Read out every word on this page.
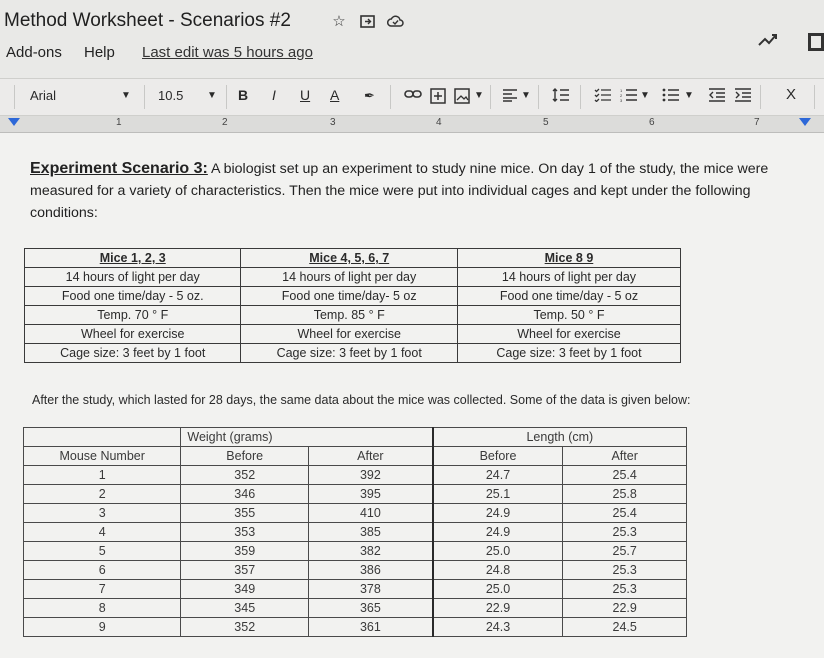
Method Worksheet - Scenarios #2	☆
Add-ons Help Last edit was 5 hours ago
Arial	▼ 10.5 ▼ B I U A ✒	▼	▼	1
2
3 ▼	▼	X
1	2	3	4	5	6	7
Experiment Scenario 3: A biologist set up an experiment to study nine mice. On day 1 of the study, the mice were measured for a variety of characteristics. Then the mice were put into individual cages and kept under the following conditions:
Mice 1, 2, 3	Mice 4, 5, 6, 7	Mice 8 9
14 hours of light per day	14 hours of light per day	14 hours of light per day
Food one time/day - 5 oz.	Food one time/day- 5 oz	Food one time/day - 5 oz
Temp. 70 ° F	Temp. 85 ° F	Temp. 50 ° F
Wheel for exercise	Wheel for exercise	Wheel for exercise
Cage size: 3 feet by 1 foot	Cage size: 3 feet by 1 foot	Cage size: 3 feet by 1 foot
After the study, which lasted for 28 days, the same data about the mice was collected. Some of the data is given below:
	Weight (grams)		Length (cm)	
Mouse Number	Before	After	Before	After
1	352	392	24.7	25.4
2	346	395	25.1	25.8
3	355	410	24.9	25.4
4	353	385	24.9	25.3
5	359	382	25.0	25.7
6	357	386	24.8	25.3
7	349	378	25.0	25.3
8	345	365	22.9	22.9
9	352	361	24.3	24.5
